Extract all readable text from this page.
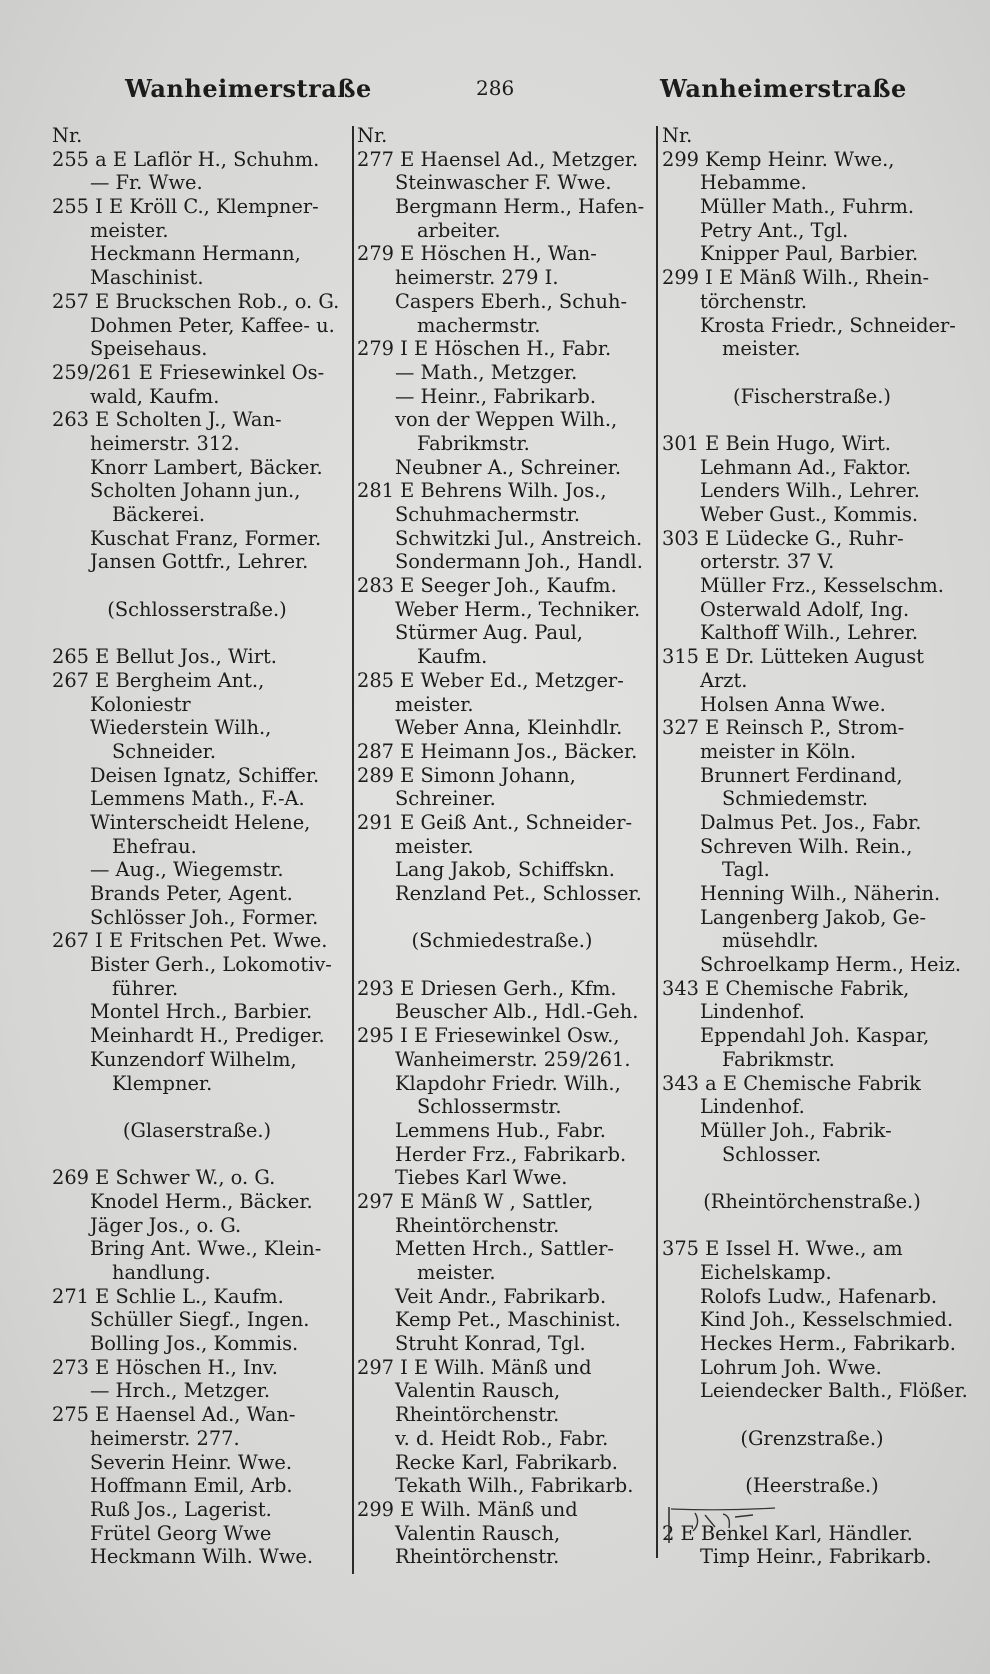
Wanheimerstraße	286	Wanheimerstraße
Nr.
255 a E Laflör H., Schuhm.
— Fr. Wwe.
255 I E Kröll C., Klempner-
meister.
Heckmann Hermann,
Maschinist.
257 E Bruckschen Rob., o. G.
Dohmen Peter, Kaffee- u.
Speisehaus.
259/261 E Friesewinkel Os-
wald, Kaufm.
263 E Scholten J., Wan-
heimerstr. 312.
Knorr Lambert, Bäcker.
Scholten Johann jun.,
Bäckerei.
Kuschat Franz, Former.
Jansen Gottfr., Lehrer.
(Schlosserstraße.)
265 E Bellut Jos., Wirt.
267 E Bergheim Ant.,
Koloniestr
Wiederstein Wilh.,
Schneider.
Deisen Ignatz, Schiffer.
Lemmens Math., F.-A.
Winterscheidt Helene,
Ehefrau.
— Aug., Wiegemstr.
Brands Peter, Agent.
Schlösser Joh., Former.
267 I E Fritschen Pet. Wwe.
Bister Gerh., Lokomotiv-
führer.
Montel Hrch., Barbier.
Meinhardt H., Prediger.
Kunzendorf Wilhelm,
Klempner.
(Glaserstraße.)
269 E Schwer W., o. G.
Knodel Herm., Bäcker.
Jäger Jos., o. G.
Bring Ant. Wwe., Klein-
handlung.
271 E Schlie L., Kaufm.
Schüller Siegf., Ingen.
Bolling Jos., Kommis.
273 E Höschen H., Inv.
— Hrch., Metzger.
275 E Haensel Ad., Wan-
heimerstr. 277.
Severin Heinr. Wwe.
Hoffmann Emil, Arb.
Ruß Jos., Lagerist.
Frütel Georg Wwe
Heckmann Wilh. Wwe.
Nr.
277 E Haensel Ad., Metzger.
Steinwascher F. Wwe.
Bergmann Herm., Hafen-
arbeiter.
279 E Höschen H., Wan-
heimerstr. 279 I.
Caspers Eberh., Schuh-
machermstr.
279 I E Höschen H., Fabr.
— Math., Metzger.
— Heinr., Fabrikarb.
von der Weppen Wilh.,
Fabrikmstr.
Neubner A., Schreiner.
281 E Behrens Wilh. Jos.,
Schuhmachermstr.
Schwitzki Jul., Anstreich.
Sondermann Joh., Handl.
283 E Seeger Joh., Kaufm.
Weber Herm., Techniker.
Stürmer Aug. Paul,
Kaufm.
285 E Weber Ed., Metzger-
meister.
Weber Anna, Kleinhdlr.
287 E Heimann Jos., Bäcker.
289 E Simonn Johann,
Schreiner.
291 E Geiß Ant., Schneider-
meister.
Lang Jakob, Schiffskn.
Renzland Pet., Schlosser.
(Schmiedestraße.)
293 E Driesen Gerh., Kfm.
Beuscher Alb., Hdl.-Geh.
295 I E Friesewinkel Osw.,
Wanheimerstr. 259/261.
Klapdohr Friedr. Wilh.,
Schlossermstr.
Lemmens Hub., Fabr.
Herder Frz., Fabrikarb.
Tiebes Karl Wwe.
297 E Mänß W , Sattler,
Rheintörchenstr.
Metten Hrch., Sattler-
meister.
Veit Andr., Fabrikarb.
Kemp Pet., Maschinist.
Struht Konrad, Tgl.
297 I E Wilh. Mänß und
Valentin Rausch,
Rheintörchenstr.
v. d. Heidt Rob., Fabr.
Recke Karl, Fabrikarb.
Tekath Wilh., Fabrikarb.
299 E Wilh. Mänß und
Valentin Rausch,
Rheintörchenstr.
Nr.
299 Kemp Heinr. Wwe.,
Hebamme.
Müller Math., Fuhrm.
Petry Ant., Tgl.
Knipper Paul, Barbier.
299 I E Mänß Wilh., Rhein-
törchenstr.
Krosta Friedr., Schneider-
meister.
(Fischerstraße.)
301 E Bein Hugo, Wirt.
Lehmann Ad., Faktor.
Lenders Wilh., Lehrer.
Weber Gust., Kommis.
303 E Lüdecke G., Ruhr-
orterstr. 37 V.
Müller Frz., Kesselschm.
Osterwald Adolf, Ing.
Kalthoff Wilh., Lehrer.
315 E Dr. Lütteken August
Arzt.
Holsen Anna Wwe.
327 E Reinsch P., Strom-
meister in Köln.
Brunnert Ferdinand,
Schmiedemstr.
Dalmus Pet. Jos., Fabr.
Schreven Wilh. Rein.,
Tagl.
Henning Wilh., Näherin.
Langenberg Jakob, Ge-
müsehdlr.
Schroelkamp Herm., Heiz.
343 E Chemische Fabrik,
Lindenhof.
Eppendahl Joh. Kaspar,
Fabrikmstr.
343 a E Chemische Fabrik
Lindenhof.
Müller Joh., Fabrik-
Schlosser.
(Rheintörchenstraße.)
375 E Issel H. Wwe., am
Eichelskamp.
Rolofs Ludw., Hafenarb.
Kind Joh., Kesselschmied.
Heckes Herm., Fabrikarb.
Lohrum Joh. Wwe.
Leiendecker Balth., Flößer.
(Grenzstraße.)
(Heerstraße.)
2 E Benkel Karl, Händler.
Timp Heinr., Fabrikarb.
